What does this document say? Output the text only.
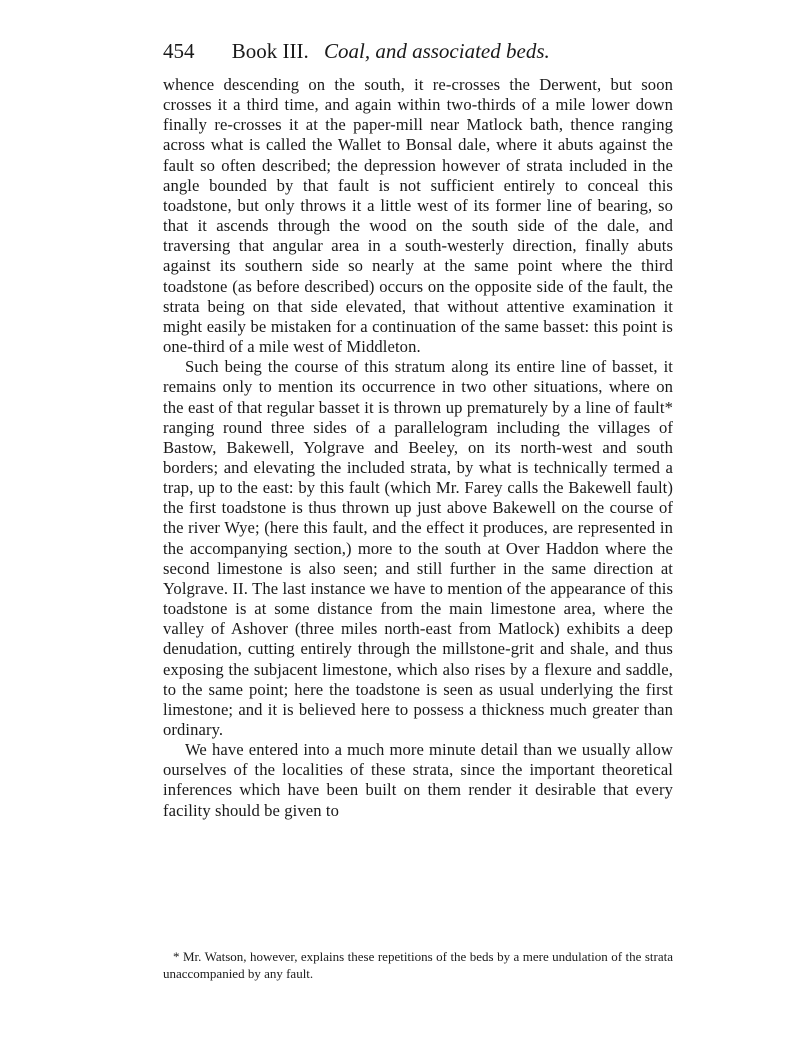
454 Book III. Coal, and associated beds.

whence descending on the south, it re-crosses the Derwent, but soon crosses it a third time, and again within two-thirds of a mile lower down finally re-crosses it at the paper-mill near Matlock bath, thence ranging across what is called the Wallet to Bonsal dale, where it abuts against the fault so often described; the depression however of strata included in the angle bounded by that fault is not sufficient entirely to conceal this toadstone, but only throws it a little west of its former line of bearing, so that it ascends through the wood on the south side of the dale, and traversing that angular area in a south-westerly direction, finally abuts against its southern side so nearly at the same point where the third toadstone (as before described) occurs on the opposite side of the fault, the strata being on that side elevated, that without attentive examination it might easily be mistaken for a continuation of the same basset: this point is one-third of a mile west of Middleton.

Such being the course of this stratum along its entire line of basset, it remains only to mention its occurrence in two other situations, where on the east of that regular basset it is thrown up prematurely by a line of fault* ranging round three sides of a parallelogram including the villages of Bastow, Bakewell, Yolgrave and Beeley, on its north-west and south borders; and elevating the included strata, by what is technically termed a trap, up to the east: by this fault (which Mr. Farey calls the Bakewell fault) the first toadstone is thus thrown up just above Bakewell on the course of the river Wye; (here this fault, and the effect it produces, are represented in the accompanying section,) more to the south at Over Haddon where the second limestone is also seen; and still further in the same direction at Yolgrave. II. The last instance we have to mention of the appearance of this toadstone is at some distance from the main limestone area, where the valley of Ashover (three miles north-east from Matlock) exhibits a deep denudation, cutting entirely through the millstone-grit and shale, and thus exposing the subjacent limestone, which also rises by a flexure and saddle, to the same point; here the toadstone is seen as usual underlying the first limestone; and it is believed here to possess a thickness much greater than ordinary.

We have entered into a much more minute detail than we usually allow ourselves of the localities of these strata, since the important theoretical inferences which have been built on them render it desirable that every facility should be given to

* Mr. Watson, however, explains these repetitions of the beds by a mere undulation of the strata unaccompanied by any fault.
